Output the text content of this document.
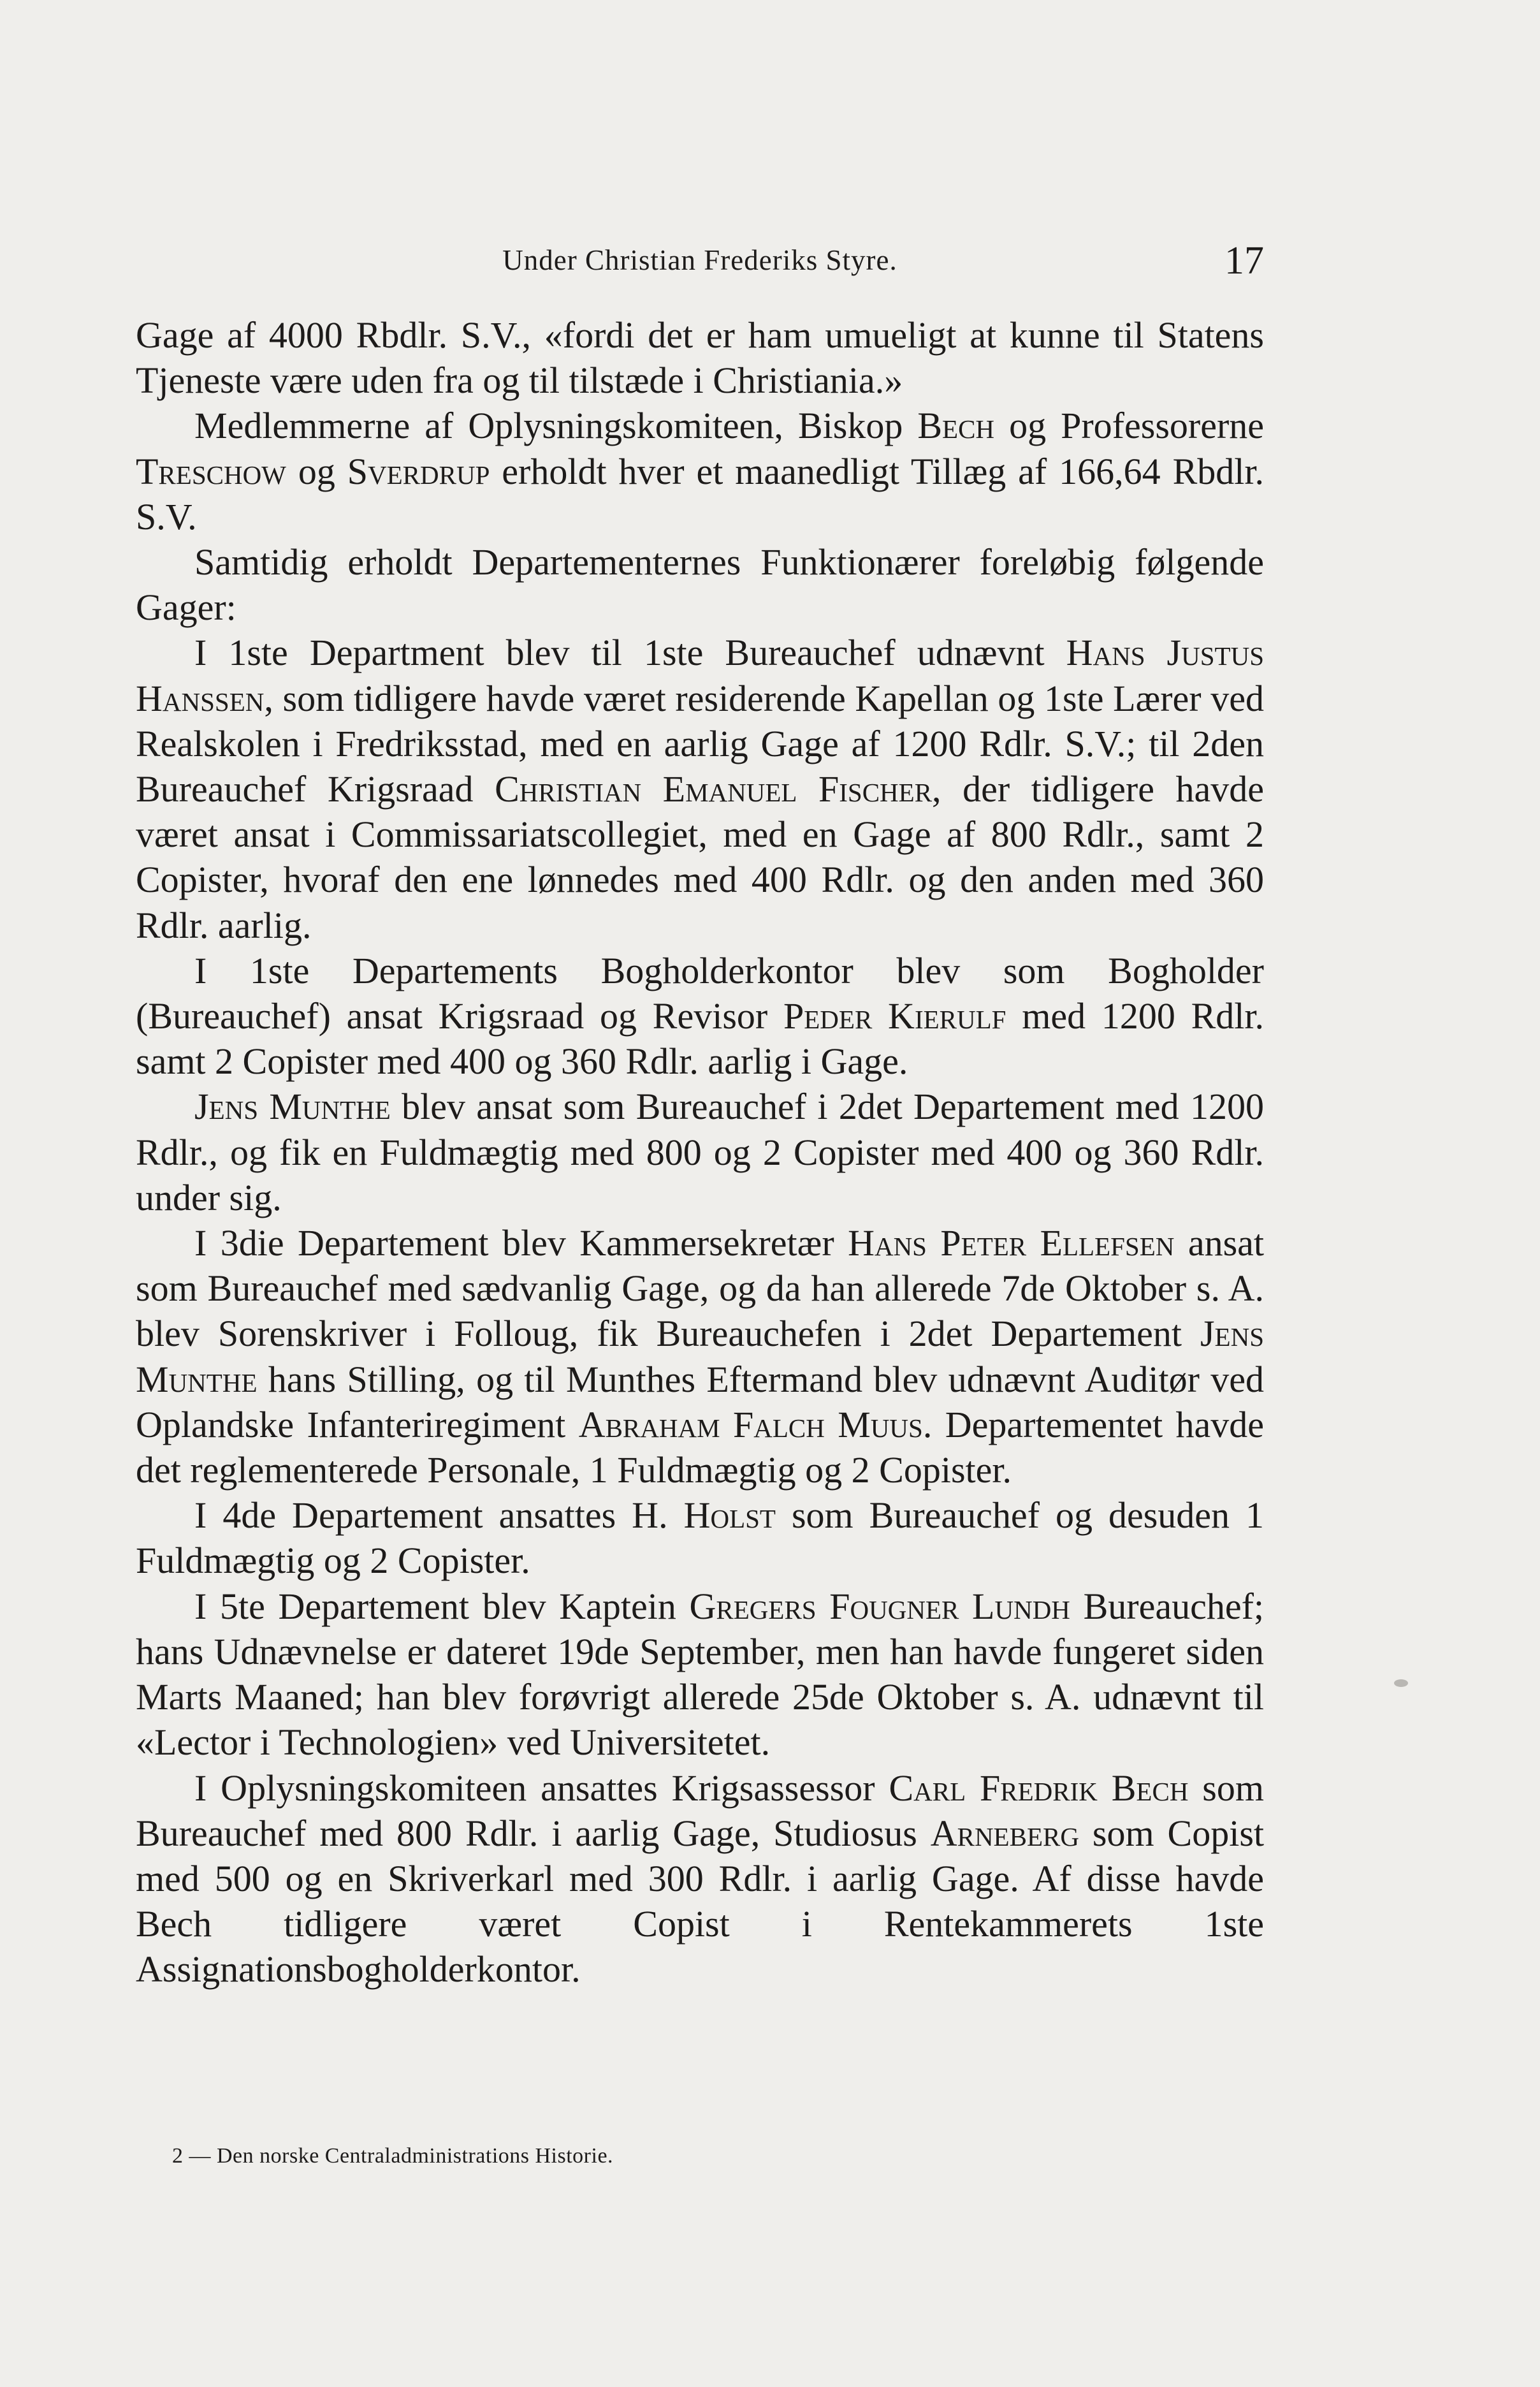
Under Christian Frederiks Styre.	17

Gage af 4000 Rbdlr. S.V., «fordi det er ham umueligt at kunne til Statens Tjeneste være uden fra og til tilstæde i Christiania.»

Medlemmerne af Oplysningskomiteen, Biskop Bech og Professorerne Treschow og Sverdrup erholdt hver et maanedligt Tillæg af 166,64 Rbdlr. S.V.

Samtidig erholdt Departementernes Funktionærer foreløbig følgende Gager:

I 1ste Department blev til 1ste Bureauchef udnævnt Hans Justus Hanssen, som tidligere havde været residerende Kapellan og 1ste Lærer ved Realskolen i Fredriksstad, med en aarlig Gage af 1200 Rdlr. S.V.; til 2den Bureauchef Krigsraad Christian Emanuel Fischer, der tidligere havde været ansat i Commissariatscollegiet, med en Gage af 800 Rdlr., samt 2 Copister, hvoraf den ene lønnedes med 400 Rdlr. og den anden med 360 Rdlr. aarlig.

I 1ste Departements Bogholderkontor blev som Bogholder (Bureauchef) ansat Krigsraad og Revisor Peder Kierulf med 1200 Rdlr. samt 2 Copister med 400 og 360 Rdlr. aarlig i Gage.

Jens Munthe blev ansat som Bureauchef i 2det Departement med 1200 Rdlr., og fik en Fuldmægtig med 800 og 2 Copister med 400 og 360 Rdlr. under sig.

I 3die Departement blev Kammersekretær Hans Peter Ellefsen ansat som Bureauchef med sædvanlig Gage, og da han allerede 7de Oktober s. A. blev Sorenskriver i Folloug, fik Bureauchefen i 2det Departement Jens Munthe hans Stilling, og til Munthes Eftermand blev udnævnt Auditør ved Oplandske Infanteriregiment Abraham Falch Muus. Departementet havde det reglementerede Personale, 1 Fuldmægtig og 2 Copister.

I 4de Departement ansattes H. Holst som Bureauchef og desuden 1 Fuldmægtig og 2 Copister.

I 5te Departement blev Kaptein Gregers Fougner Lundh Bureauchef; hans Udnævnelse er dateret 19de September, men han havde fungeret siden Marts Maaned; han blev forøvrigt allerede 25de Oktober s. A. udnævnt til «Lector i Technologien» ved Universitetet.

I Oplysningskomiteen ansattes Krigsassessor Carl Fredrik Bech som Bureauchef med 800 Rdlr. i aarlig Gage, Studiosus Arneberg som Copist med 500 og en Skriverkarl med 300 Rdlr. i aarlig Gage. Af disse havde Bech tidligere været Copist i Rentekammerets 1ste Assignationsbogholderkontor.

2 — Den norske Centraladministrations Historie.
